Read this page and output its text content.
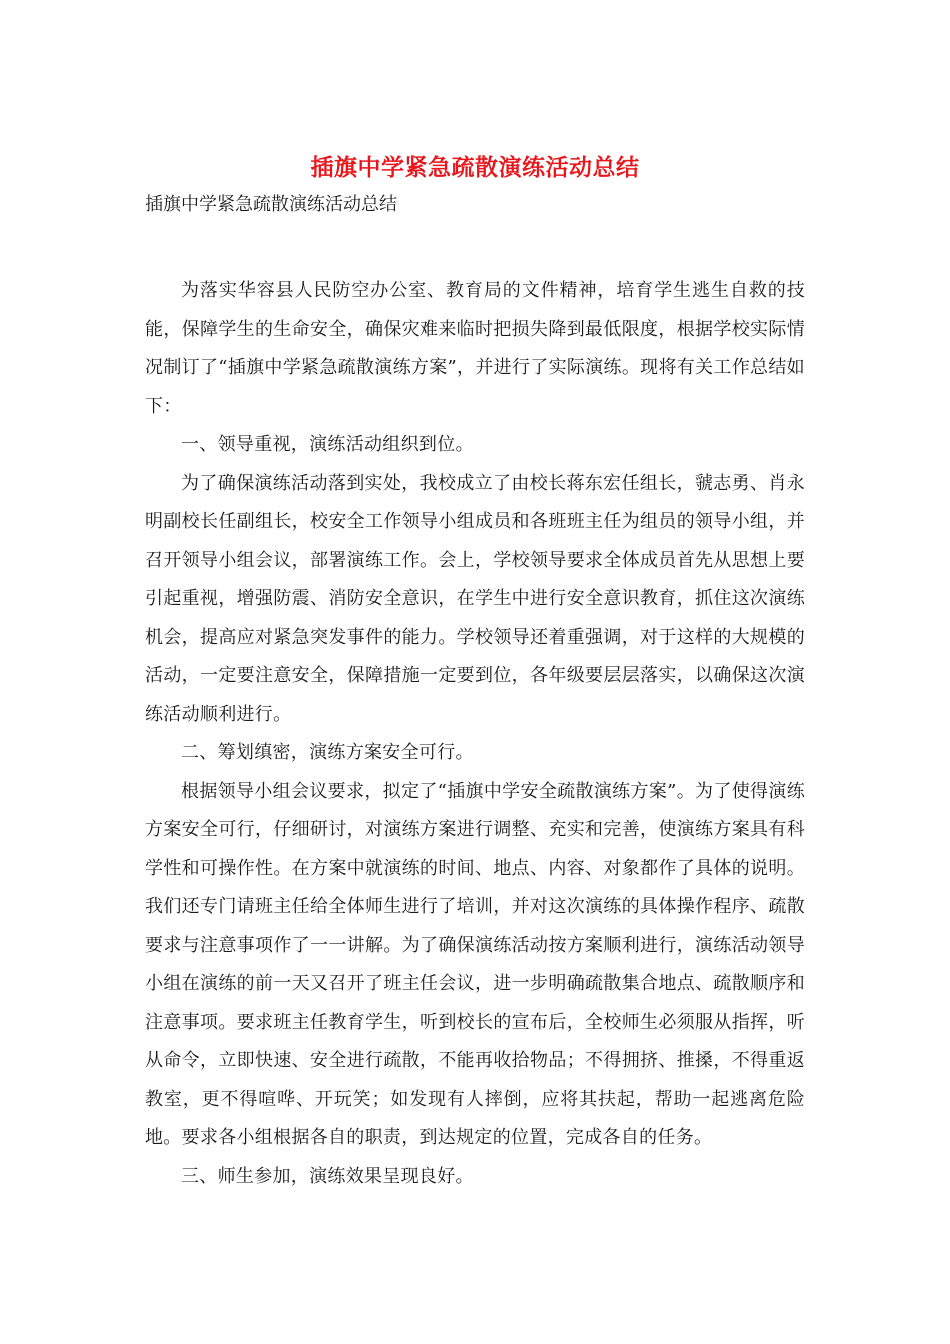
插旗中学紧急疏散演练活动总结

插旗中学紧急疏散演练活动总结

为落实华容县人民防空办公室、教育局的文件精神，培育学生逃生自救的技能，保障学生的生命安全，确保灾难来临时把损失降到最低限度，根据学校实际情况制订了“插旗中学紧急疏散演练方案”，并进行了实际演练。现将有关工作总结如下：

一、领导重视，演练活动组织到位。

为了确保演练活动落到实处，我校成立了由校长蒋东宏任组长，虢志勇、肖永明副校长任副组长，校安全工作领导小组成员和各班班主任为组员的领导小组，并召开领导小组会议，部署演练工作。会上，学校领导要求全体成员首先从思想上要引起重视，增强防震、消防安全意识，在学生中进行安全意识教育，抓住这次演练机会，提高应对紧急突发事件的能力。学校领导还着重强调，对于这样的大规模的活动，一定要注意安全，保障措施一定要到位，各年级要层层落实，以确保这次演练活动顺利进行。

二、筹划缜密，演练方案安全可行。

根据领导小组会议要求，拟定了“插旗中学安全疏散演练方案”。为了使得演练方案安全可行，仔细研讨，对演练方案进行调整、充实和完善，使演练方案具有科学性和可操作性。在方案中就演练的时间、地点、内容、对象都作了具体的说明。我们还专门请班主任给全体师生进行了培训，并对这次演练的具体操作程序、疏散要求与注意事项作了一一讲解。为了确保演练活动按方案顺利进行，演练活动领导小组在演练的前一天又召开了班主任会议，进一步明确疏散集合地点、疏散顺序和注意事项。要求班主任教育学生，听到校长的宣布后，全校师生必须服从指挥，听从命令，立即快速、安全进行疏散，不能再收拾物品；不得拥挤、推搡，不得重返教室，更不得喧哗、开玩笑；如发现有人摔倒，应将其扶起，帮助一起逃离危险地。要求各小组根据各自的职责，到达规定的位置，完成各自的任务。

三、师生参加，演练效果呈现良好。
